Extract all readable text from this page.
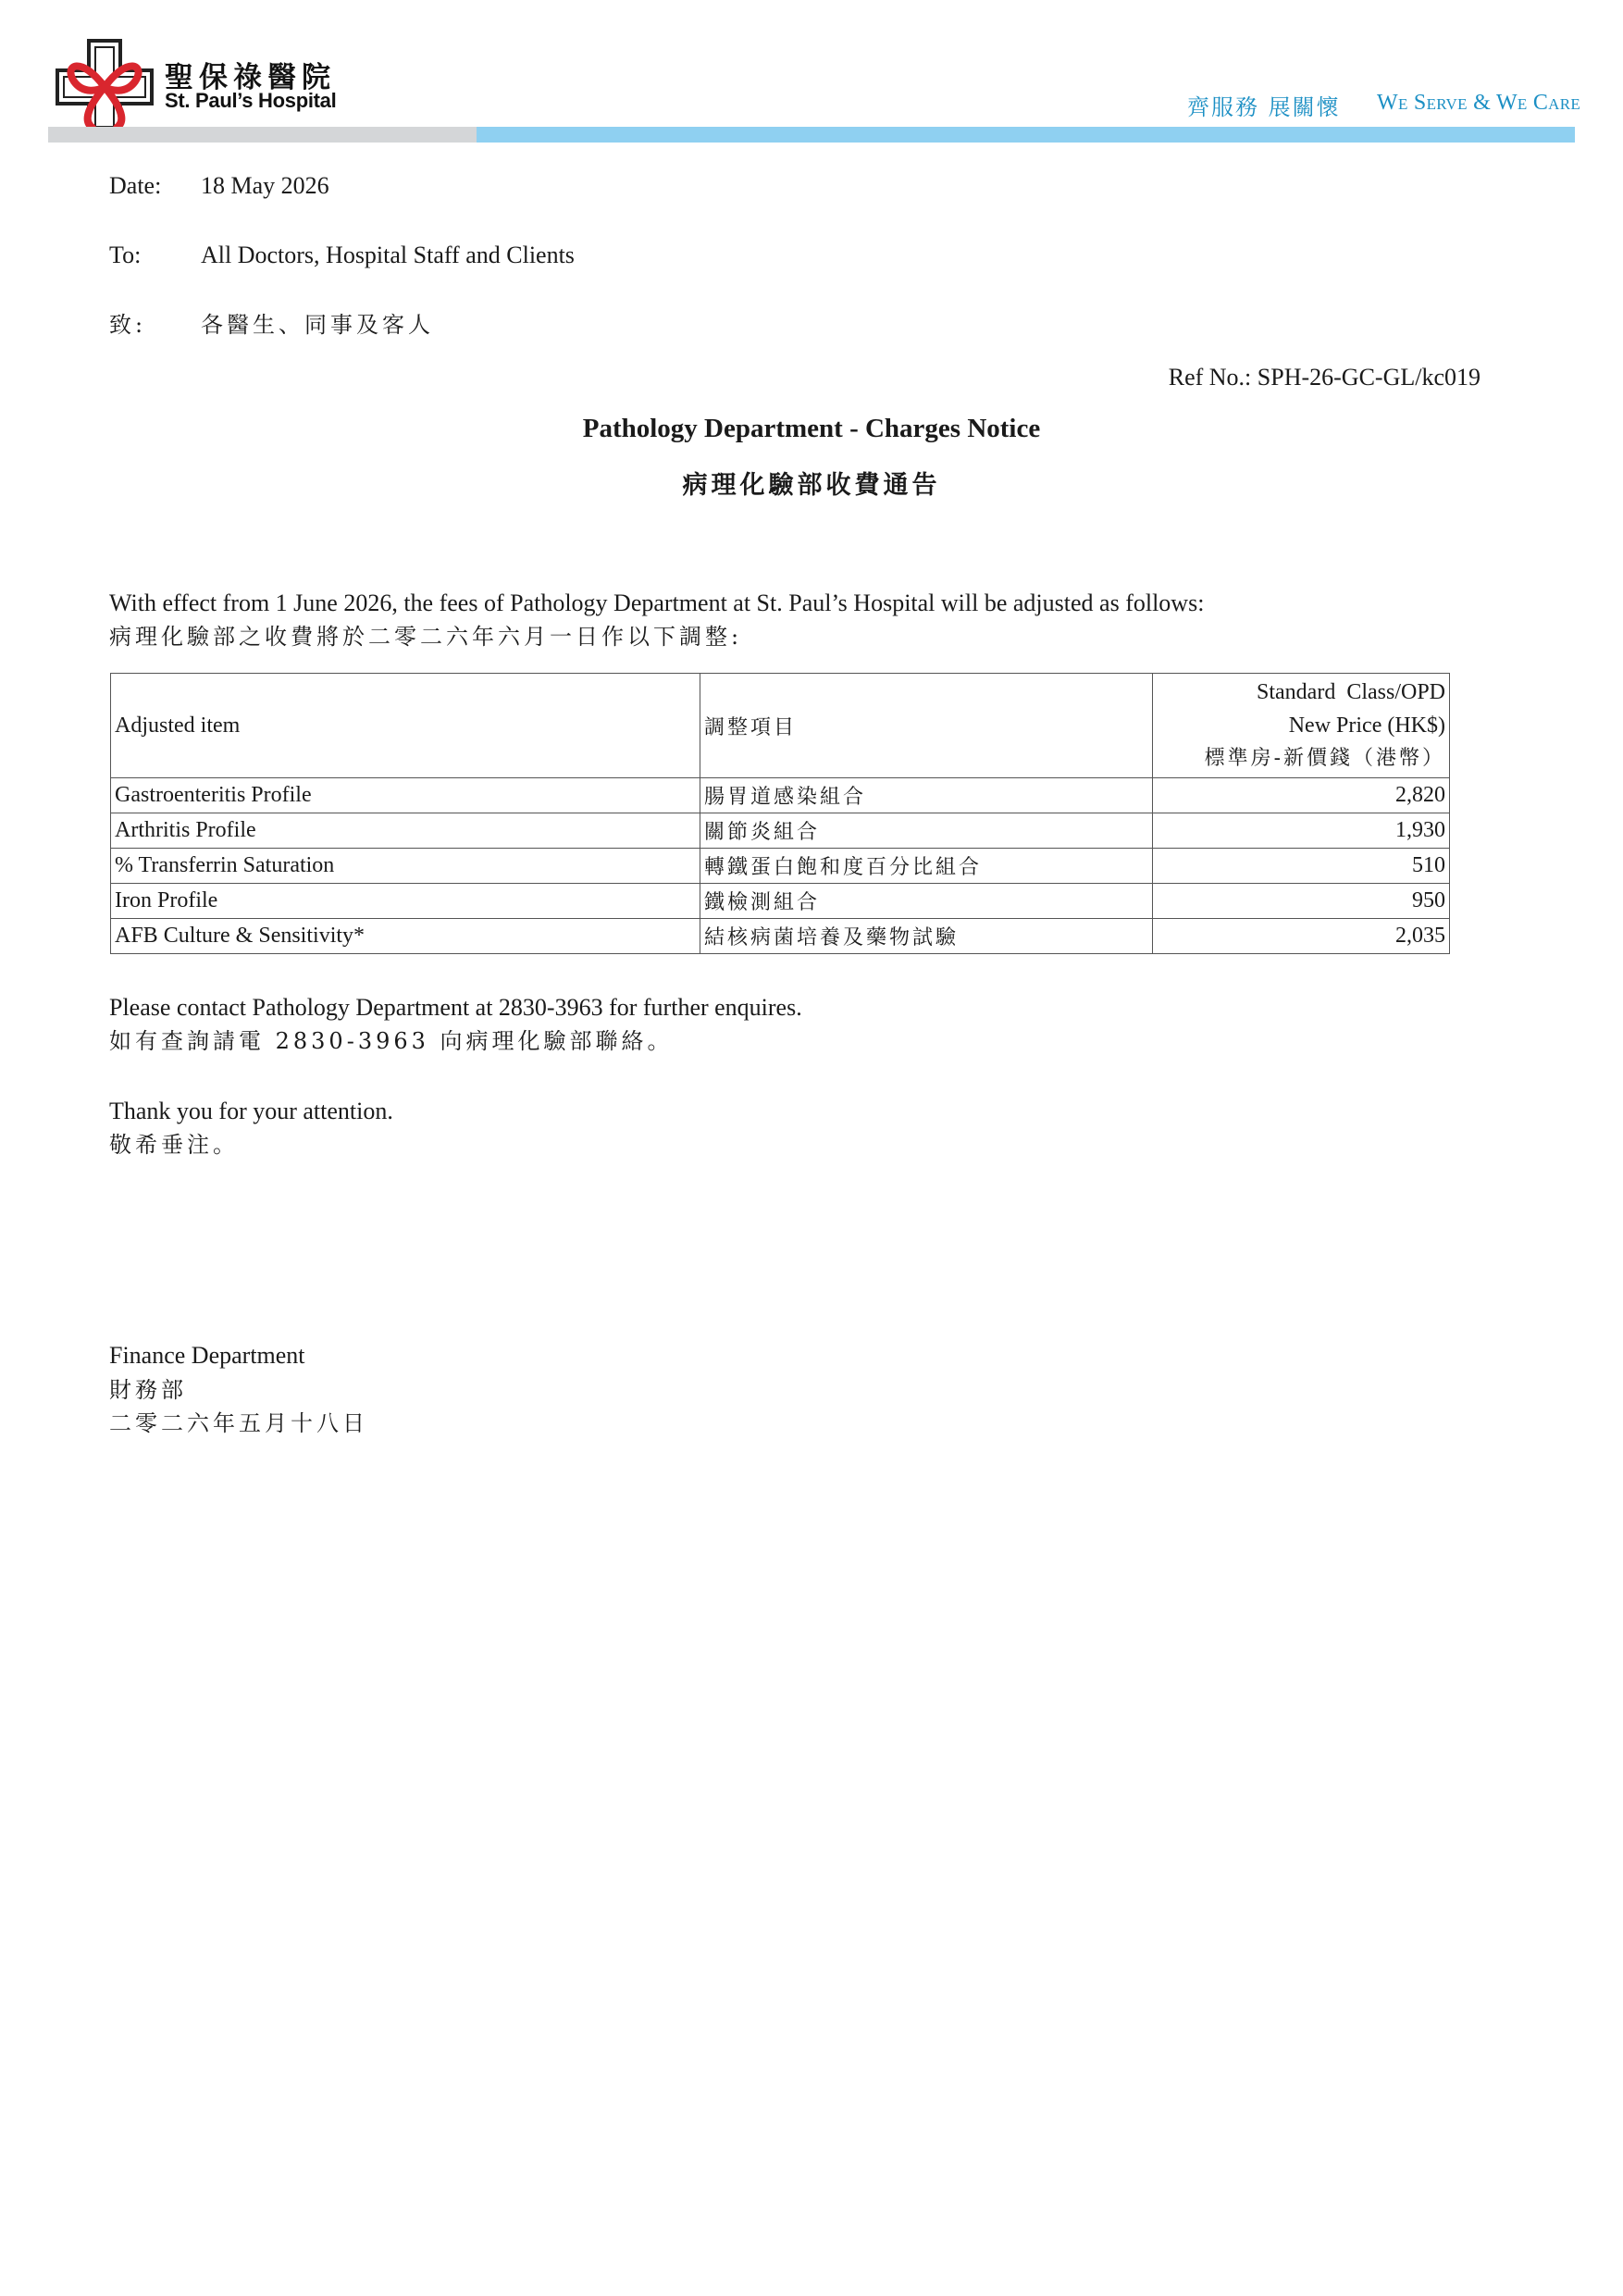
聖保祿醫院
St. Paul’s Hospital	齊服務 展關懷 We Serve & We Care
Date: 18 May 2026
To: All Doctors, Hospital Staff and Clients
致: 各醫生、同事及客人
Ref No.: SPH-26-GC-GL/kc019
Pathology Department - Charges Notice
病理化驗部收費通告
With effect from 1 June 2026, the fees of Pathology Department at St. Paul’s Hospital will be adjusted as follows:
病理化驗部之收費將於二零二六年六月一日作以下調整:
Adjusted item	調整項目	Standard  Class/OPD
New Price (HK$)
標準房-新價錢（港幣）

Gastroenteritis Profile	腸胃道感染組合	2,820
Arthritis Profile	關節炎組合	1,930
% Transferrin Saturation	轉鐵蛋白飽和度百分比組合	510
Iron Profile	鐵檢測組合	950
AFB Culture & Sensitivity*	結核病菌培養及藥物試驗	2,035
Please contact Pathology Department at 2830-3963 for further enquires.
如有查詢請電 2830-3963 向病理化驗部聯絡。
Thank you for your attention.
敬希垂注。
Finance Department
財務部
二零二六年五月十八日
